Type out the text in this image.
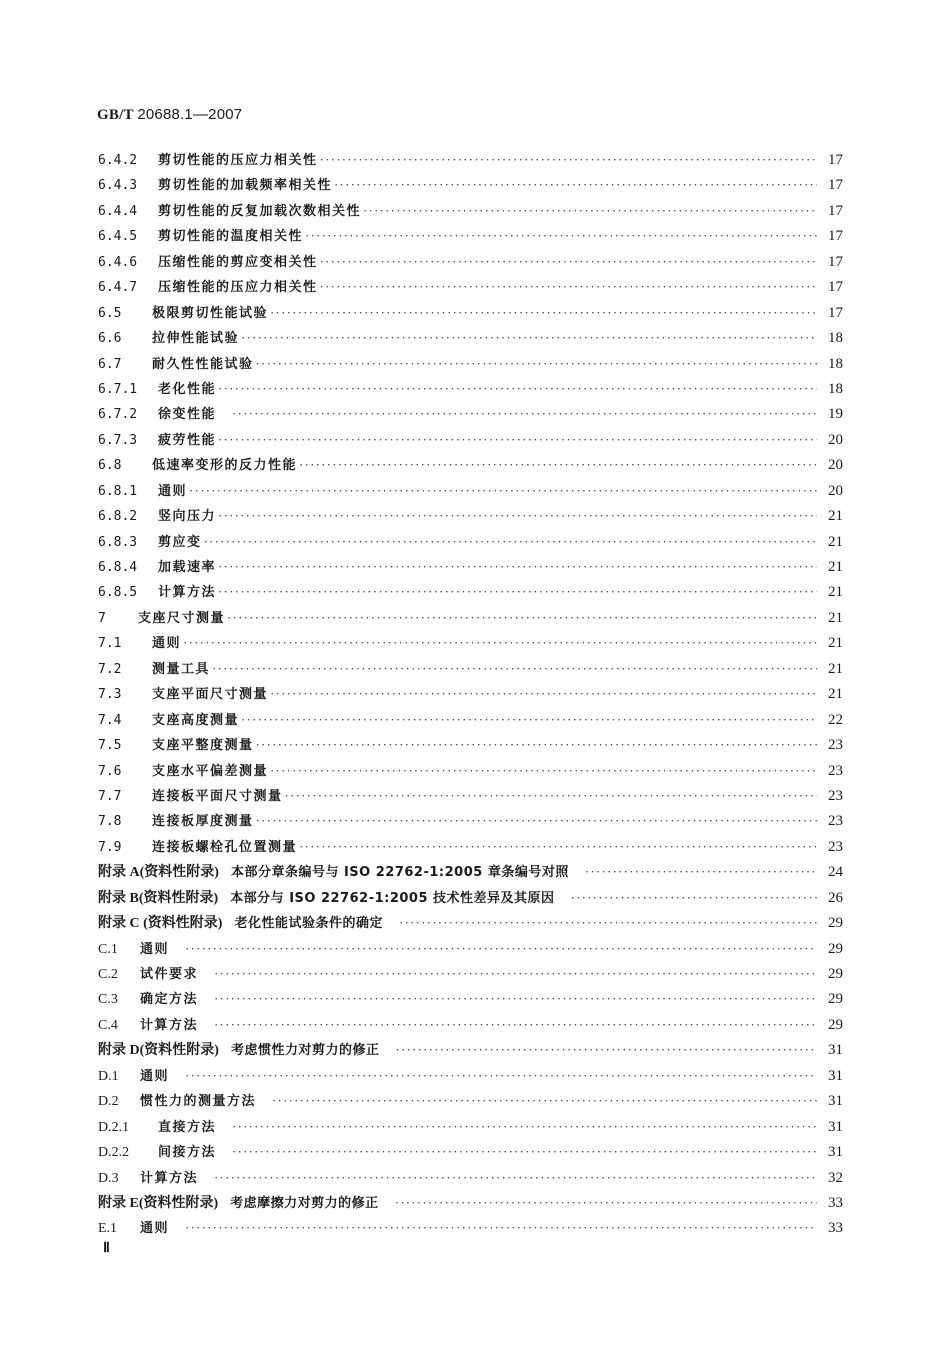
GB/T 20688.1—2007
6.4.2	剪切性能的压应力相关性 ·····	17
6.4.3	剪切性能的加载频率相关性 ·····	17
6.4.4	剪切性能的反复加载次数相关性 ·····	17
6.4.5	剪切性能的温度相关性 ·····	17
6.4.6	压缩性能的剪应变相关性 ·····	17
6.4.7	压缩性能的压应力相关性 ·····	17
6.5	极限剪切性能试验 ·····	17
6.6	拉伸性能试验 ·····	18
6.7	耐久性性能试验 ·····	18
6.7.1	老化性能 ·····	18
6.7.2	徐变性能 ·····	19
6.7.3	疲劳性能 ·····	20
6.8	低速率变形的反力性能 ·····	20
6.8.1	通则 ·····	20
6.8.2	竖向压力 ·····	21
6.8.3	剪应变 ·····	21
6.8.4	加载速率 ·····	21
6.8.5	计算方法 ·····	21
7	支座尺寸测量 ·····	21
7.1	通则 ·····	21
7.2	测量工具 ·····	21
7.3	支座平面尺寸测量 ·····	21
7.4	支座高度测量 ·····	22
7.5	支座平整度测量 ·····	23
7.6	支座水平偏差测量 ·····	23
7.7	连接板平面尺寸测量 ·····	23
7.8	连接板厚度测量 ·····	23
7.9	连接板螺栓孔位置测量 ·····	23
附录 A(资料性附录) 本部分章条编号与 ISO 22762-1:2005 章条编号对照 ·····	24
附录 B(资料性附录) 本部分与 ISO 22762-1:2005 技术性差异及其原因 ·····	26
附录 C (资料性附录) 老化性能试验条件的确定 ·····	29
C.1	通则 ·····	29
C.2	试件要求 ·····	29
C.3	确定方法 ·····	29
C.4	计算方法 ·····	29
附录 D(资料性附录) 考虑惯性力对剪力的修正 ·····	31
D.1	通则 ·····	31
D.2	惯性力的测量方法 ·····	31
D.2.1	直接方法 ·····	31
D.2.2	间接方法 ·····	31
D.3	计算方法 ·····	32
附录 E(资料性附录) 考虑摩擦力对剪力的修正 ·····	33
E.1	通则 ·····	33
Ⅱ
